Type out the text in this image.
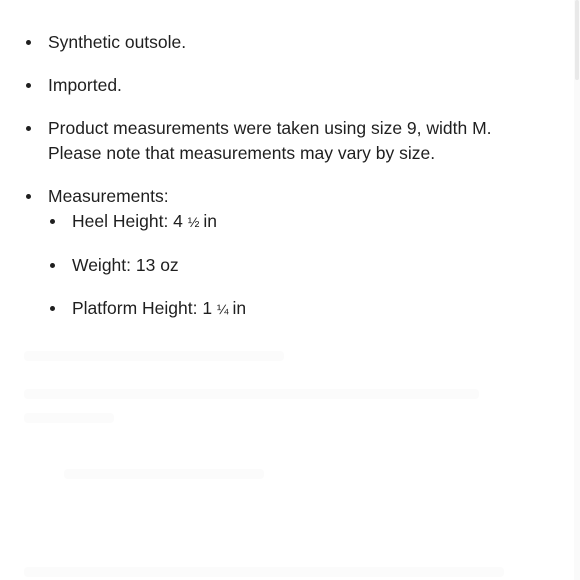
Synthetic outsole.
Imported.
Product measurements were taken using size 9, width M. Please note that measurements may vary by size.
Measurements:
Heel Height: 4 ½ in
Weight: 13 oz
Platform Height: 1 ¼ in
